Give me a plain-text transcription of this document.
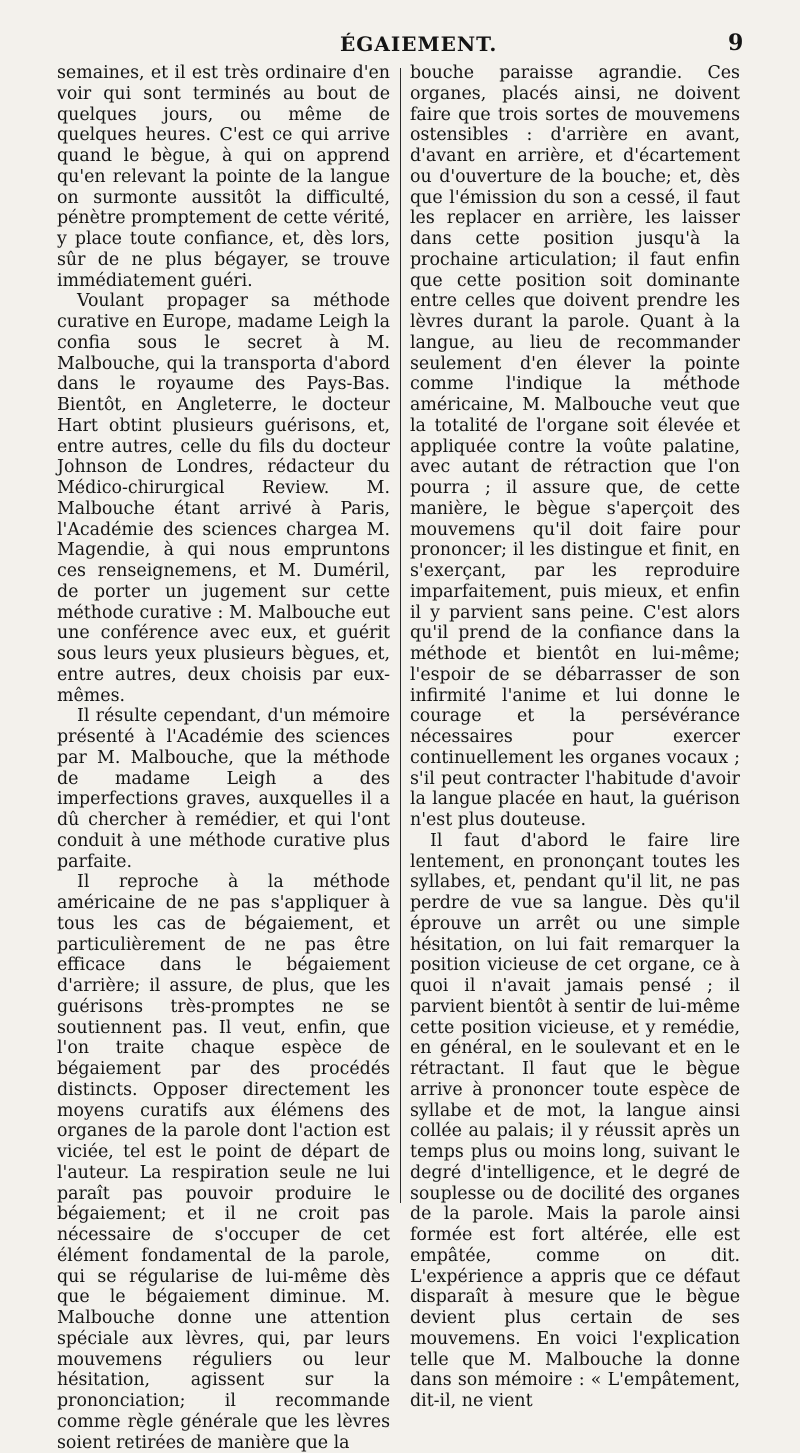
ÉGAIEMENT.	9

semaines, et il est très ordinaire d'en voir qui sont terminés au bout de quelques jours, ou même de quelques heures. C'est ce qui arrive quand le bègue, à qui on apprend qu'en relevant la pointe de la langue on surmonte aussitôt la difficulté, pénètre promptement de cette vérité, y place toute confiance, et, dès lors, sûr de ne plus bégayer, se trouve immédiatement guéri.

Voulant propager sa méthode curative en Europe, madame Leigh la confia sous le secret à M. Malbouche, qui la transporta d'abord dans le royaume des Pays-Bas. Bientôt, en Angleterre, le docteur Hart obtint plusieurs guérisons, et, entre autres, celle du fils du docteur Johnson de Londres, rédacteur du Médico-chirurgical Review. M. Malbouche étant arrivé à Paris, l'Académie des sciences chargea M. Magendie, à qui nous empruntons ces renseignemens, et M. Duméril, de porter un jugement sur cette méthode curative : M. Malbouche eut une conférence avec eux, et guérit sous leurs yeux plusieurs bègues, et, entre autres, deux choisis par eux-mêmes.

Il résulte cependant, d'un mémoire présenté à l'Académie des sciences par M. Malbouche, que la méthode de madame Leigh a des imperfections graves, auxquelles il a dû chercher à remédier, et qui l'ont conduit à une méthode curative plus parfaite.

Il reproche à la méthode américaine de ne pas s'appliquer à tous les cas de bégaiement, et particulièrement de ne pas être efficace dans le bégaiement d'arrière; il assure, de plus, que les guérisons très-promptes ne se soutiennent pas. Il veut, enfin, que l'on traite chaque espèce de bégaiement par des procédés distincts. Opposer directement les moyens curatifs aux élémens des organes de la parole dont l'action est viciée, tel est le point de départ de l'auteur. La respiration seule ne lui paraît pas pouvoir produire le bégaiement; et il ne croit pas nécessaire de s'occuper de cet élément fondamental de la parole, qui se régularise de lui-même dès que le bégaiement diminue. M. Malbouche donne une attention spéciale aux lèvres, qui, par leurs mouvemens réguliers ou leur hésitation, agissent sur la prononciation; il recommande comme règle générale que les lèvres soient retirées de manière que la

bouche paraisse agrandie. Ces organes, placés ainsi, ne doivent faire que trois sortes de mouvemens ostensibles : d'arrière en avant, d'avant en arrière, et d'écartement ou d'ouverture de la bouche; et, dès que l'émission du son a cessé, il faut les replacer en arrière, les laisser dans cette position jusqu'à la prochaine articulation; il faut enfin que cette position soit dominante entre celles que doivent prendre les lèvres durant la parole. Quant à la langue, au lieu de recommander seulement d'en élever la pointe comme l'indique la méthode américaine, M. Malbouche veut que la totalité de l'organe soit élevée et appliquée contre la voûte palatine, avec autant de rétraction que l'on pourra ; il assure que, de cette manière, le bègue s'aperçoit des mouvemens qu'il doit faire pour prononcer; il les distingue et finit, en s'exerçant, par les reproduire imparfaitement, puis mieux, et enfin il y parvient sans peine. C'est alors qu'il prend de la confiance dans la méthode et bientôt en lui-même; l'espoir de se débarrasser de son infirmité l'anime et lui donne le courage et la persévérance nécessaires pour exercer continuellement les organes vocaux ; s'il peut contracter l'habitude d'avoir la langue placée en haut, la guérison n'est plus douteuse.

Il faut d'abord le faire lire lentement, en prononçant toutes les syllabes, et, pendant qu'il lit, ne pas perdre de vue sa langue. Dès qu'il éprouve un arrêt ou une simple hésitation, on lui fait remarquer la position vicieuse de cet organe, ce à quoi il n'avait jamais pensé ; il parvient bientôt à sentir de lui-même cette position vicieuse, et y remédie, en général, en le soulevant et en le rétractant. Il faut que le bègue arrive à prononcer toute espèce de syllabe et de mot, la langue ainsi collée au palais; il y réussit après un temps plus ou moins long, suivant le degré d'intelligence, et le degré de souplesse ou de docilité des organes de la parole. Mais la parole ainsi formée est fort altérée, elle est empâtée, comme on dit. L'expérience a appris que ce défaut disparaît à mesure que le bègue devient plus certain de ses mouvemens. En voici l'explication telle que M. Malbouche la donne dans son mémoire : « L'empâtement, dit-il, ne vient
